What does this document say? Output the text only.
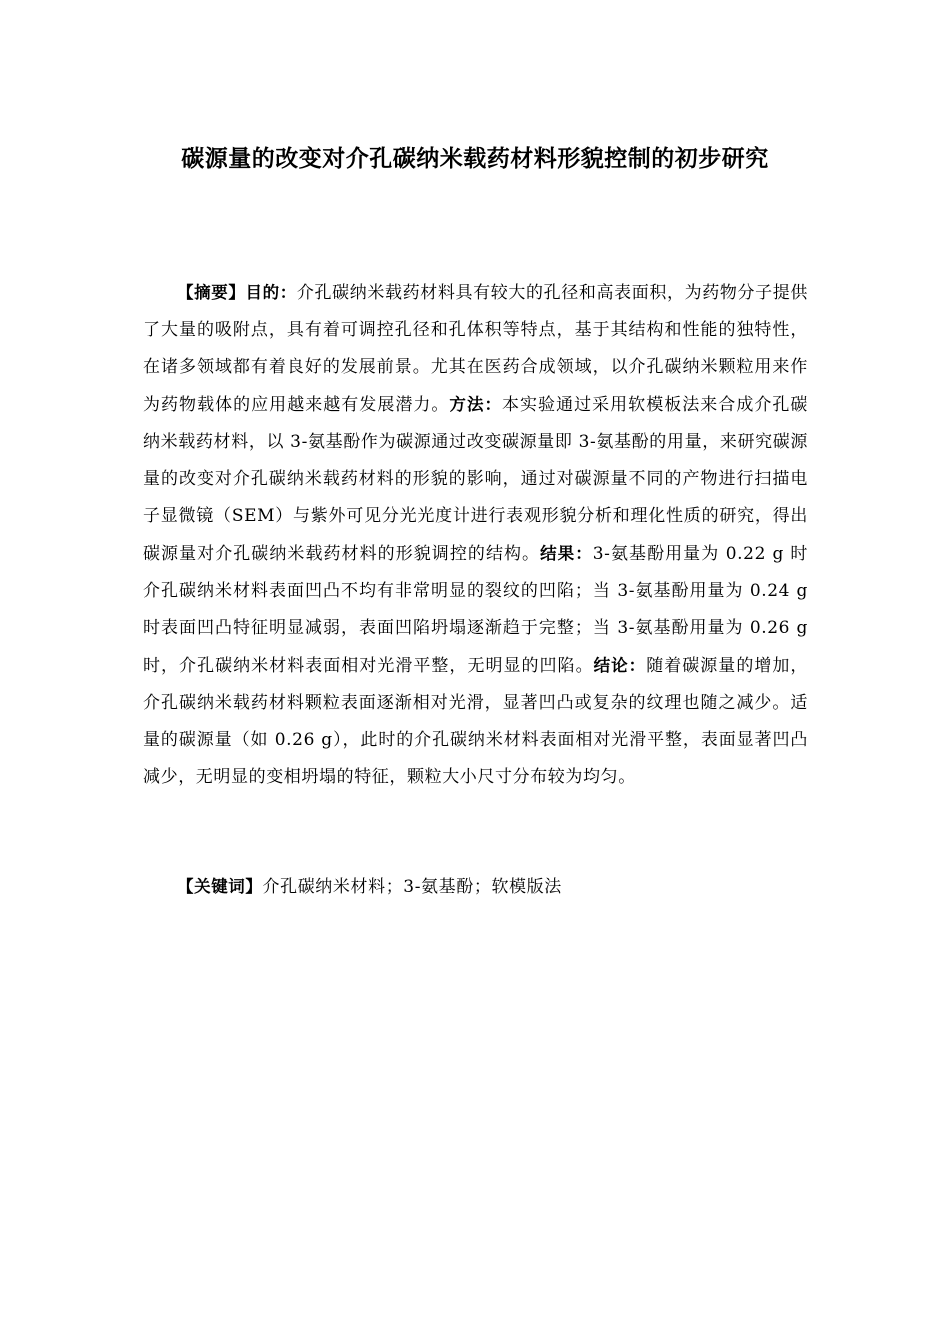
碳源量的改变对介孔碳纳米载药材料形貌控制的初步研究

【摘要】目的：介孔碳纳米载药材料具有较大的孔径和高表面积，为药物分子提供了大量的吸附点，具有着可调控孔径和孔体积等特点，基于其结构和性能的独特性，在诸多领域都有着良好的发展前景。尤其在医药合成领域，以介孔碳纳米颗粒用来作为药物载体的应用越来越有发展潜力。方法：本实验通过采用软模板法来合成介孔碳纳米载药材料，以 3-氨基酚作为碳源通过改变碳源量即 3-氨基酚的用量，来研究碳源量的改变对介孔碳纳米载药材料的形貌的影响，通过对碳源量不同的产物进行扫描电子显微镜（SEM）与紫外可见分光光度计进行表观形貌分析和理化性质的研究，得出碳源量对介孔碳纳米载药材料的形貌调控的结构。结果：3-氨基酚用量为 0.22 g 时介孔碳纳米材料表面凹凸不均有非常明显的裂纹的凹陷；当 3-氨基酚用量为 0.24 g 时表面凹凸特征明显减弱，表面凹陷坍塌逐渐趋于完整；当 3-氨基酚用量为 0.26 g 时，介孔碳纳米材料表面相对光滑平整，无明显的凹陷。结论：随着碳源量的增加，介孔碳纳米载药材料颗粒表面逐渐相对光滑，显著凹凸或复杂的纹理也随之减少。适量的碳源量（如 0.26 g），此时的介孔碳纳米材料表面相对光滑平整，表面显著凹凸减少，无明显的变相坍塌的特征，颗粒大小尺寸分布较为均匀。

【关键词】介孔碳纳米材料；3-氨基酚；软模版法
